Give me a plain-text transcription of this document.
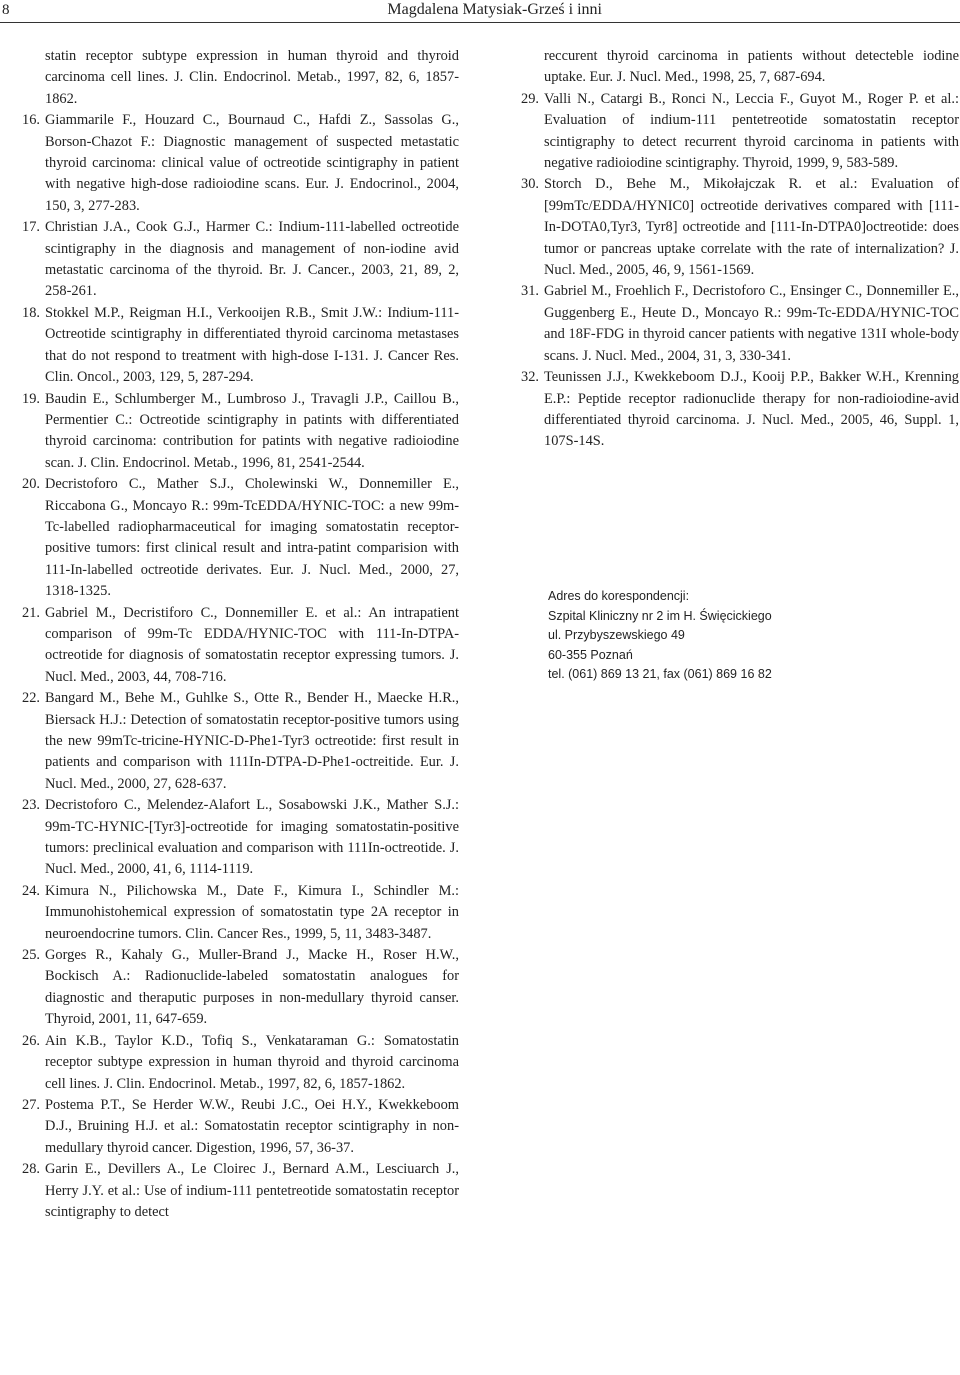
8	Magdalena Matysiak-Grześ i inni
statin receptor subtype expression in human thyroid and thyroid carcinoma cell lines. J. Clin. Endocrinol. Metab., 1997, 82, 6, 1857-1862.
16. Giammarile F., Houzard C., Bournaud C., Hafdi Z., Sassolas G., Borson-Chazot F.: Diagnostic management of suspected metastatic thyroid carcinoma: clinical value of octreotide scintigraphy in patient with negative high-dose radioiodine scans. Eur. J. Endocrinol., 2004, 150, 3, 277-283.
17. Christian J.A., Cook G.J., Harmer C.: Indium-111-labelled octreotide scintigraphy in the diagnosis and management of non-iodine avid metastatic carcinoma of the thyroid. Br. J. Cancer., 2003, 21, 89, 2, 258-261.
18. Stokkel M.P., Reigman H.I., Verkooijen R.B., Smit J.W.: Indium-111-Octreotide scintigraphy in differentiated thyroid carcinoma metastases that do not respond to treatment with high-dose I-131. J. Cancer Res. Clin. Oncol., 2003, 129, 5, 287-294.
19. Baudin E., Schlumberger M., Lumbroso J., Travagli J.P., Caillou B., Permentier C.: Octreotide scintigraphy in patints with differentiated thyroid carcinoma: contribution for patints with negative radioiodine scan. J. Clin. Endocrinol. Metab., 1996, 81, 2541-2544.
20. Decristoforo C., Mather S.J., Cholewinski W., Donnemiller E., Riccabona G., Moncayo R.: 99m-TcEDDA/HYNIC-TOC: a new 99m-Tc-labelled radiopharmaceutical for imaging somatostatin receptor-positive tumors: first clinical result and intra-patint comparision with 111-In-labelled octreotide derivates. Eur. J. Nucl. Med., 2000, 27, 1318-1325.
21. Gabriel M., Decristiforo C., Donnemiller E. et al.: An intrapatient comparison of 99m-Tc EDDA/HYNIC-TOC with 111-In-DTPA-octreotide for diagnosis of somatostatin receptor expressing tumors. J. Nucl. Med., 2003, 44, 708-716.
22. Bangard M., Behe M., Guhlke S., Otte R., Bender H., Maecke H.R., Biersack H.J.: Detection of somatostatin receptor-positive tumors using the new 99mTc-tricine-HYNIC-D-Phe1-Tyr3 octreotide: first result in patients and comparison with 111In-DTPA-D-Phe1-octreitide. Eur. J. Nucl. Med., 2000, 27, 628-637.
23. Decristoforo C., Melendez-Alafort L., Sosabowski J.K., Mather S.J.: 99m-TC-HYNIC-[Tyr3]-octreotide for imaging somatostatin-positive tumors: preclinical evaluation and comparison with 111In-octreotide. J. Nucl. Med., 2000, 41, 6, 1114-1119.
24. Kimura N., Pilichowska M., Date F., Kimura I., Schindler M.: Immunohistohemical expression of somatostatin type 2A receptor in neuroendocrine tumors. Clin. Cancer Res., 1999, 5, 11, 3483-3487.
25. Gorges R., Kahaly G., Muller-Brand J., Macke H., Roser H.W., Bockisch A.: Radionuclide-labeled somatostatin analogues for diagnostic and theraputic purposes in non-medullary thyroid canser. Thyroid, 2001, 11, 647-659.
26. Ain K.B., Taylor K.D., Tofiq S., Venkataraman G.: Somatostatin receptor subtype expression in human thyroid and thyroid carcinoma cell lines. J. Clin. Endocrinol. Metab., 1997, 82, 6, 1857-1862.
27. Postema P.T., Se Herder W.W., Reubi J.C., Oei H.Y., Kwekkeboom D.J., Bruining H.J. et al.: Somatostatin receptor scintigraphy in non-medullary thyroid cancer. Digestion, 1996, 57, 36-37.
28. Garin E., Devillers A., Le Cloirec J., Bernard A.M., Lesciuarch J., Herry J.Y. et al.: Use of indium-111 pentetreotide somatostatin receptor scintigraphy to detect
reccurent thyroid carcinoma in patients without detecteble iodine uptake. Eur. J. Nucl. Med., 1998, 25, 7, 687-694.
29. Valli N., Catargi B., Ronci N., Leccia F., Guyot M., Roger P. et al.: Evaluation of indium-111 pentetreotide somatostatin receptor scintigraphy to detect recurrent thyroid carcinoma in patients with negative radioiodine scintigraphy. Thyroid, 1999, 9, 583-589.
30. Storch D., Behe M., Mikołajczak R. et al.: Evaluation of [99mTc/EDDA/HYNIC0] octreotide derivatives compared with [111-In-DOTA0,Tyr3, Tyr8] octreotide and [111-In-DTPA0]octreotide: does tumor or pancreas uptake correlate with the rate of internalization? J. Nucl. Med., 2005, 46, 9, 1561-1569.
31. Gabriel M., Froehlich F., Decristoforo C., Ensinger C., Donnemiller E., Guggenberg E., Heute D., Moncayo R.: 99m-Tc-EDDA/HYNIC-TOC and 18F-FDG in thyroid cancer patients with negative 131I whole-body scans. J. Nucl. Med., 2004, 31, 3, 330-341.
32. Teunissen J.J., Kwekkeboom D.J., Kooij P.P., Bakker W.H., Krenning E.P.: Peptide receptor radionuclide therapy for non-radioiodine-avid differentiated thyroid carcinoma. J. Nucl. Med., 2005, 46, Suppl. 1, 107S-14S.
Adres do korespondencji:
Szpital Kliniczny nr 2 im H. Święcickiego
ul. Przybyszewskiego 49
60-355 Poznań
tel. (061) 869 13 21, fax (061) 869 16 82
